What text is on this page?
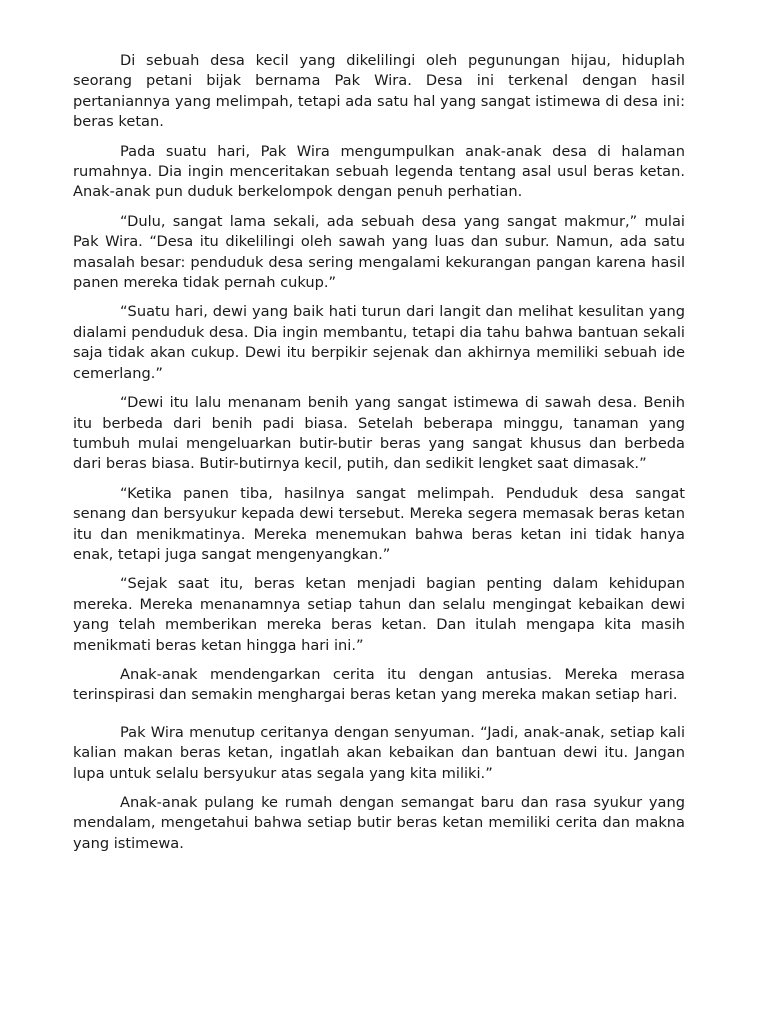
Di sebuah desa kecil yang dikelilingi oleh pegunungan hijau, hiduplah seorang petani bijak bernama Pak Wira. Desa ini terkenal dengan hasil pertaniannya yang melimpah, tetapi ada satu hal yang sangat istimewa di desa ini: beras ketan.

Pada suatu hari, Pak Wira mengumpulkan anak-anak desa di halaman rumahnya. Dia ingin menceritakan sebuah legenda tentang asal usul beras ketan. Anak-anak pun duduk berkelompok dengan penuh perhatian.

“Dulu, sangat lama sekali, ada sebuah desa yang sangat makmur,” mulai Pak Wira. “Desa itu dikelilingi oleh sawah yang luas dan subur. Namun, ada satu masalah besar: penduduk desa sering mengalami kekurangan pangan karena hasil panen mereka tidak pernah cukup.”

“Suatu hari, dewi yang baik hati turun dari langit dan melihat kesulitan yang dialami penduduk desa. Dia ingin membantu, tetapi dia tahu bahwa bantuan sekali saja tidak akan cukup. Dewi itu berpikir sejenak dan akhirnya memiliki sebuah ide cemerlang.”

“Dewi itu lalu menanam benih yang sangat istimewa di sawah desa. Benih itu berbeda dari benih padi biasa. Setelah beberapa minggu, tanaman yang tumbuh mulai mengeluarkan butir-butir beras yang sangat khusus dan berbeda dari beras biasa. Butir-butirnya kecil, putih, dan sedikit lengket saat dimasak.”

“Ketika panen tiba, hasilnya sangat melimpah. Penduduk desa sangat senang dan bersyukur kepada dewi tersebut. Mereka segera memasak beras ketan itu dan menikmatinya. Mereka menemukan bahwa beras ketan ini tidak hanya enak, tetapi juga sangat mengenyangkan.”

“Sejak saat itu, beras ketan menjadi bagian penting dalam kehidupan mereka. Mereka menanamnya setiap tahun dan selalu mengingat kebaikan dewi yang telah memberikan mereka beras ketan. Dan itulah mengapa kita masih menikmati beras ketan hingga hari ini.”

Anak-anak mendengarkan cerita itu dengan antusias. Mereka merasa terinspirasi dan semakin menghargai beras ketan yang mereka makan setiap hari.

Pak Wira menutup ceritanya dengan senyuman. “Jadi, anak-anak, setiap kali kalian makan beras ketan, ingatlah akan kebaikan dan bantuan dewi itu. Jangan lupa untuk selalu bersyukur atas segala yang kita miliki.”

Anak-anak pulang ke rumah dengan semangat baru dan rasa syukur yang mendalam, mengetahui bahwa setiap butir beras ketan memiliki cerita dan makna yang istimewa.
